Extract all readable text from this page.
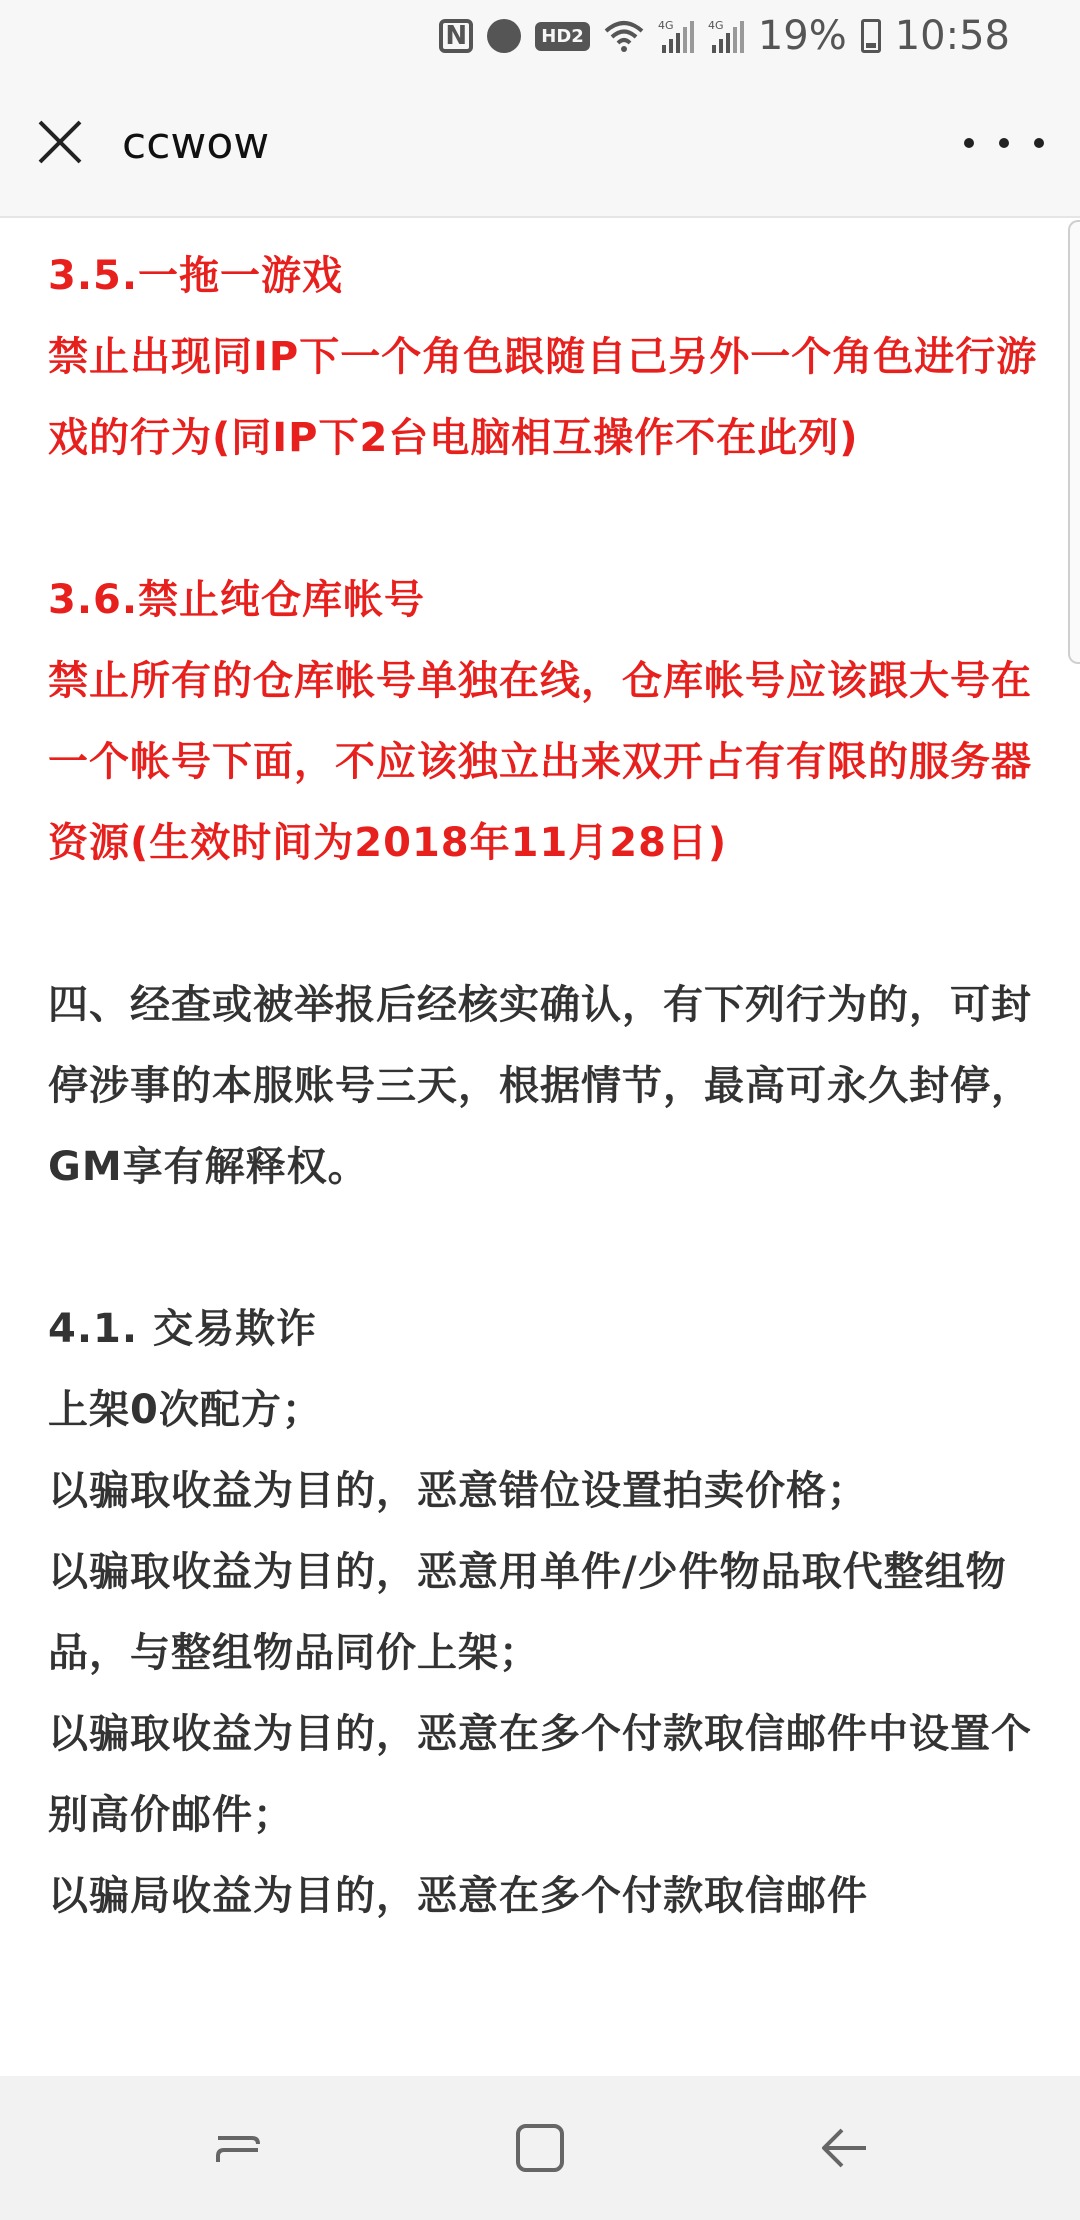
N	HD2	4G	4G 19% 10:58
ccwow

3.5.一拖一游戏

禁止出现同IP下一个角色跟随自己另外一个角色进行游戏的行为(同IP下2台电脑相互操作不在此列)

3.6.禁止纯仓库帐号

禁止所有的仓库帐号单独在线，仓库帐号应该跟大号在一个帐号下面，不应该独立出来双开占有有限的服务器资源(生效时间为2018年11月28日)

四、经查或被举报后经核实确认，有下列行为的，可封停涉事的本服账号三天，根据情节，最高可永久封停，GM享有解释权。

4.1. 交易欺诈

上架0次配方；

以骗取收益为目的，恶意错位设置拍卖价格；

以骗取收益为目的，恶意用单件/少件物品取代整组物品，与整组物品同价上架；

以骗取收益为目的，恶意在多个付款取信邮件中设置个别高价邮件；

以骗局收益为目的，恶意在多个付款取信邮件
